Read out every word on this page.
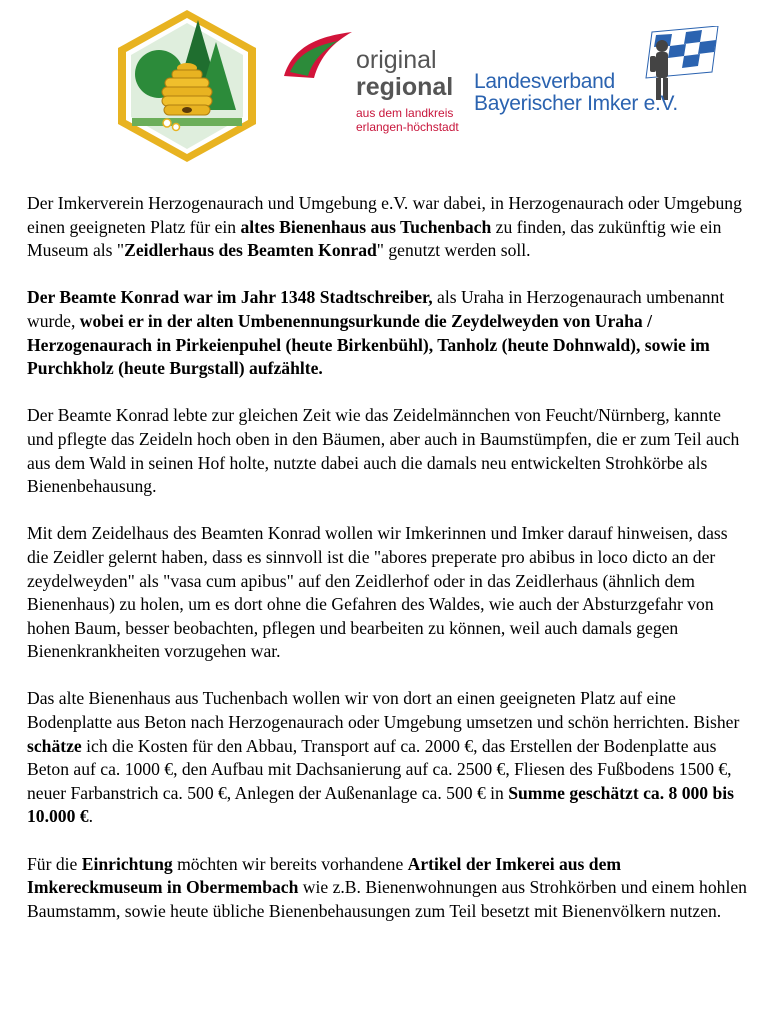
original
regional
aus dem landkreis
erlangen-höchstadt
Landesverband
Bayerischer Imker e.V.

Der Imkerverein Herzogenaurach und Umgebung e.V. war dabei, in Herzogenaurach oder Umgebung einen geeigneten Platz für ein altes Bienenhaus aus Tuchenbach zu finden, das zukünftig wie ein Museum als "Zeidlerhaus des Beamten Konrad" genutzt werden soll.

Der Beamte Konrad war im Jahr 1348 Stadtschreiber, als Uraha in Herzogenaurach umbenannt wurde, wobei er in der alten Umbenennungsurkunde die Zeydelweyden von Uraha / Herzogenaurach in Pirkeienpuhel (heute Birkenbühl), Tanholz (heute Dohnwald), sowie im Purchkholz (heute Burgstall) aufzählte.

Der Beamte Konrad lebte zur gleichen Zeit wie das Zeidelmännchen von Feucht/Nürnberg, kannte und pflegte das Zeideln hoch oben in den Bäumen, aber auch in Baumstümpfen, die er zum Teil auch aus dem Wald in seinen Hof holte, nutzte dabei auch die damals neu entwickelten Strohkörbe als Bienenbehausung.

Mit dem Zeidelhaus des Beamten Konrad wollen wir Imkerinnen und Imker darauf hinweisen, dass die Zeidler gelernt haben, dass es sinnvoll ist die "abores preperate pro abibus in loco dicto an der zeydelweyden" als "vasa cum apibus" auf den Zeidlerhof oder in das Zeidlerhaus (ähnlich dem Bienenhaus) zu holen, um es dort ohne die Gefahren des Waldes, wie auch der Absturzgefahr von hohen Baum, besser beobachten, pflegen und bearbeiten zu können, weil auch damals gegen Bienenkrankheiten vorzugehen war.

Das alte Bienenhaus aus Tuchenbach wollen wir von dort an einen geeigneten Platz auf eine Bodenplatte aus Beton nach Herzogenaurach oder Umgebung umsetzen und schön herrichten. Bisher schätze ich die Kosten für den Abbau, Transport auf ca. 2000 €, das Erstellen der Bodenplatte aus Beton auf ca. 1000 €, den Aufbau mit Dachsanierung auf ca. 2500 €, Fliesen des Fußbodens 1500 €, neuer Farbanstrich ca. 500 €, Anlegen der Außenanlage ca. 500 € in Summe geschätzt ca. 8 000 bis 10.000 €.

Für die Einrichtung möchten wir bereits vorhandene Artikel der Imkerei aus dem Imkereckmuseum in Obermembach wie z.B. Bienenwohnungen aus Strohkörben und einem hohlen Baumstamm, sowie heute übliche Bienenbehausungen zum Teil besetzt mit Bienenvölkern nutzen.
